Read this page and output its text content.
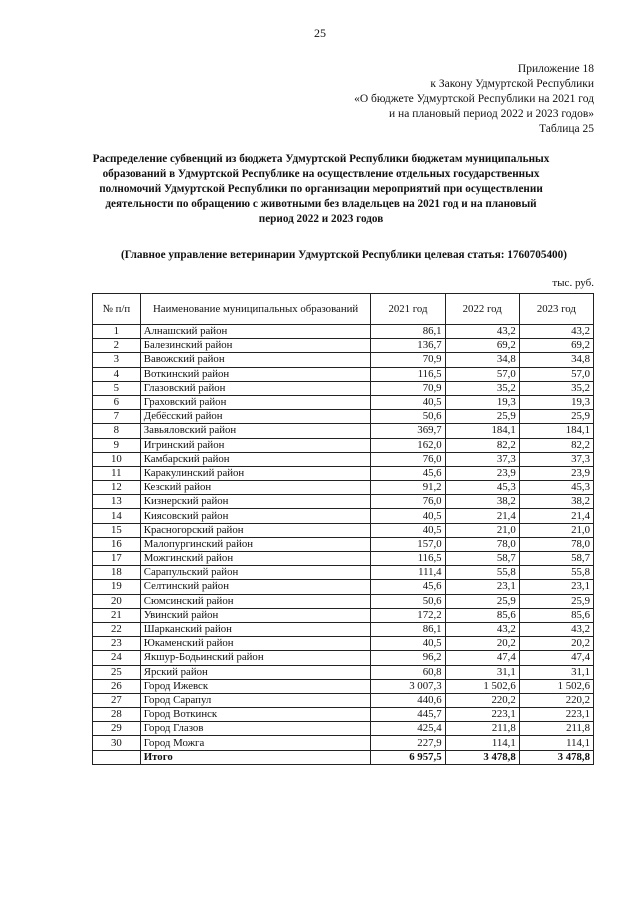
25
Приложение 18
к Закону Удмуртской Республики
«О бюджете Удмуртской Республики на 2021 год
и на плановый период 2022 и 2023 годов»
Таблица 25
Распределение субвенций из бюджета Удмуртской Республики бюджетам муниципальных образований в Удмуртской Республике на осуществление отдельных государственных полномочий Удмуртской Республики по организации мероприятий при осуществлении деятельности по обращению с животными без владельцев на 2021 год и на плановый период 2022 и 2023 годов
(Главное управление ветеринарии Удмуртской Республики целевая статья: 1760705400)
тыс. руб.
№ п/п	Наименование муниципальных образований	2021 год	2022 год	2023 год
1	Алнашский район	86,1	43,2	43,2
2	Балезинский район	136,7	69,2	69,2
3	Вавожский район	70,9	34,8	34,8
4	Воткинский район	116,5	57,0	57,0
5	Глазовский район	70,9	35,2	35,2
6	Граховский район	40,5	19,3	19,3
7	Дебёсский район	50,6	25,9	25,9
8	Завьяловский район	369,7	184,1	184,1
9	Игринский район	162,0	82,2	82,2
10	Камбарский район	76,0	37,3	37,3
11	Каракулинский район	45,6	23,9	23,9
12	Кезский район	91,2	45,3	45,3
13	Кизнерский район	76,0	38,2	38,2
14	Киясовский район	40,5	21,4	21,4
15	Красногорский район	40,5	21,0	21,0
16	Малопургинский район	157,0	78,0	78,0
17	Можгинский район	116,5	58,7	58,7
18	Сарапульский район	111,4	55,8	55,8
19	Селтинский район	45,6	23,1	23,1
20	Сюмсинский район	50,6	25,9	25,9
21	Увинский район	172,2	85,6	85,6
22	Шарканский район	86,1	43,2	43,2
23	Юкаменский район	40,5	20,2	20,2
24	Якшур-Бодьинский район	96,2	47,4	47,4
25	Ярский район	60,8	31,1	31,1
26	Город Ижевск	3 007,3	1 502,6	1 502,6
27	Город Сарапул	440,6	220,2	220,2
28	Город Воткинск	445,7	223,1	223,1
29	Город Глазов	425,4	211,8	211,8
30	Город Можга	227,9	114,1	114,1
	Итого	6 957,5	3 478,8	3 478,8
